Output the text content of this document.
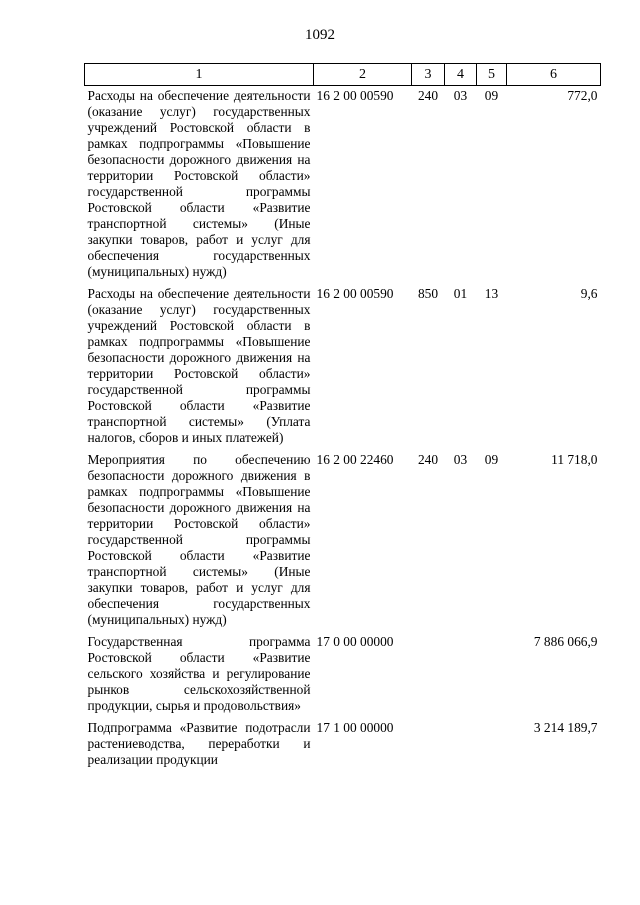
1092
1	2	3	4	5	6
Расходы на обеспечение деятельности (оказание услуг) государственных учреждений Ростовской области в рамках подпрограммы «Повышение безопасности дорожного движения на территории Ростовской области» государственной программы Ростовской области «Развитие транспортной системы» (Иные закупки товаров, работ и услуг для обеспечения государственных (муниципальных) нужд)	16 2 00 00590	240	03	09	772,0
Расходы на обеспечение деятельности (оказание услуг) государственных учреждений Ростовской области в рамках подпрограммы «Повышение безопасности дорожного движения на территории Ростовской области» государственной программы Ростовской области «Развитие транспортной системы» (Уплата налогов, сборов и иных платежей)	16 2 00 00590	850	01	13	9,6
Мероприятия по обеспечению безопасности дорожного движения в рамках подпрограммы «Повышение безопасности дорожного движения на территории Ростовской области» государственной программы Ростовской области «Развитие транспортной системы» (Иные закупки товаров, работ и услуг для обеспечения государственных (муниципальных) нужд)	16 2 00 22460	240	03	09	11 718,0
Государственная программа Ростовской области «Развитие сельского хозяйства и регулирование рынков сельскохозяйственной продукции, сырья и продовольствия»	17 0 00 00000				7 886 066,9
Подпрограмма «Развитие подотрасли растениеводства, переработки и реализации продукции	17 1 00 00000				3 214 189,7
